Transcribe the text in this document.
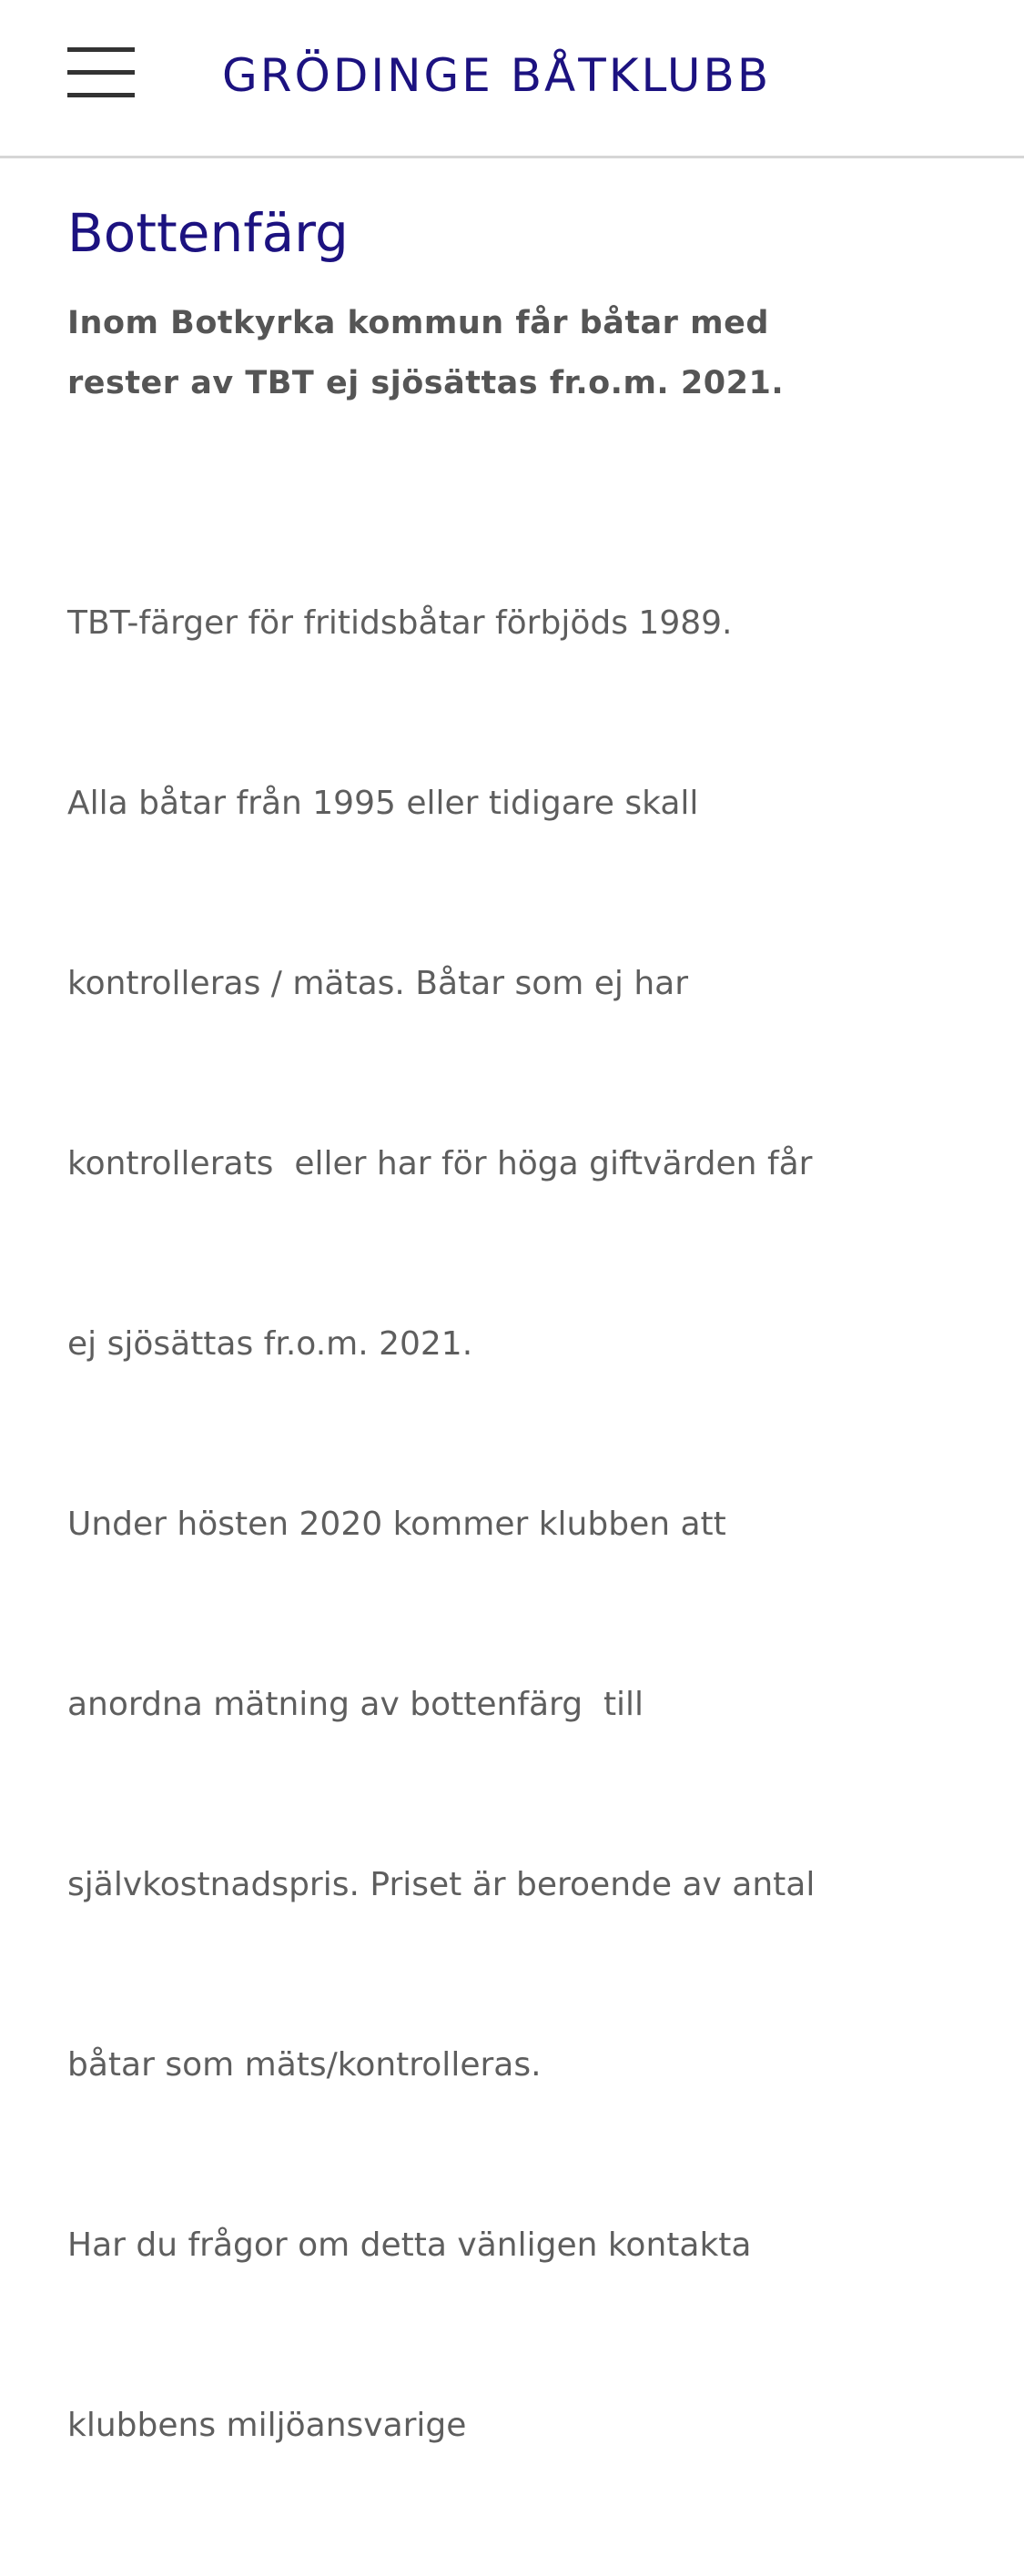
GRÖDINGE BÅTKLUBB
Bottenfärg

Inom Botkyrka kommun får båtar med
rester av TBT ej sjösättas fr.o.m. 2021.

TBT-färger för fritidsbåtar förbjöds 1989.

Alla båtar från 1995 eller tidigare skall

kontrolleras / mätas. Båtar som ej har

kontrollerats  eller har för höga giftvärden får

ej sjösättas fr.o.m. 2021.

Under hösten 2020 kommer klubben att

anordna mätning av bottenfärg  till

självkostnadspris. Priset är beroende av antal

båtar som mäts/kontrolleras.

Har du frågor om detta vänligen kontakta

klubbens miljöansvarige
